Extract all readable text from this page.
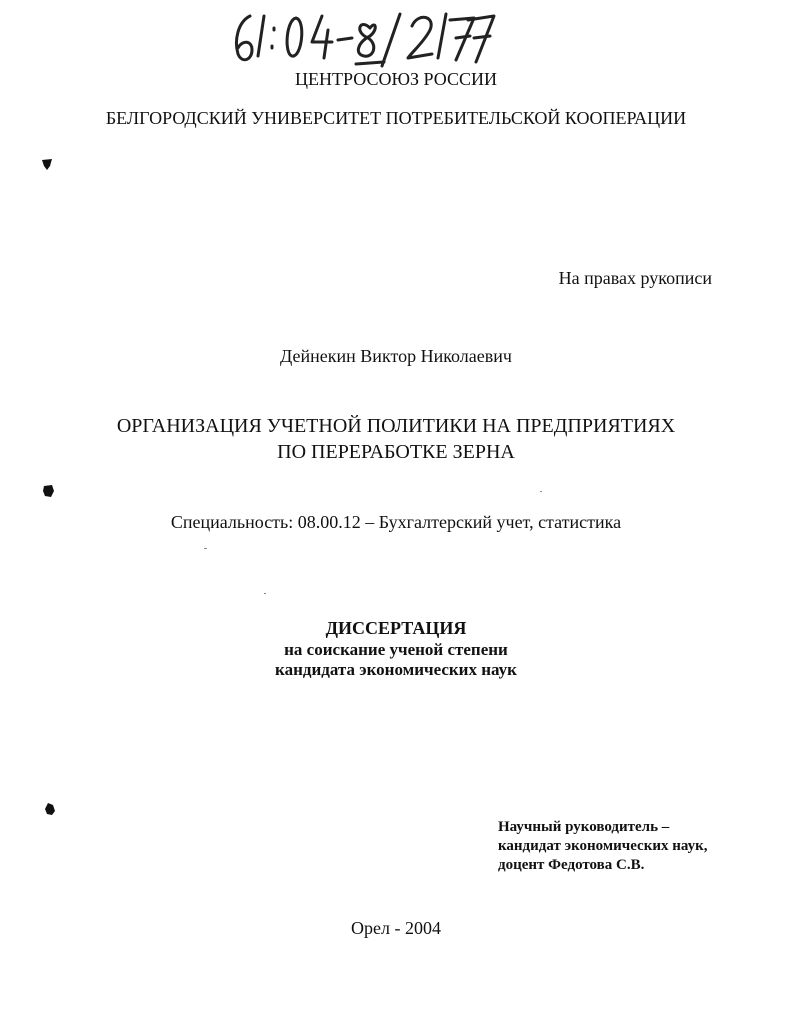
ЦЕНТРОСОЮЗ РОССИИ
БЕЛГОРОДСКИЙ УНИВЕРСИТЕТ ПОТРЕБИТЕЛЬСКОЙ КООПЕРАЦИИ
На правах рукописи
Дейнекин Виктор Николаевич
ОРГАНИЗАЦИЯ УЧЕТНОЙ ПОЛИТИКИ НА ПРЕДПРИЯТИЯХ
ПО ПЕРЕРАБОТКЕ ЗЕРНА
Специальность: 08.00.12 – Бухгалтерский учет, статистика
ДИССЕРТАЦИЯ
на соискание ученой степени
кандидата экономических наук
Научный руководитель –
кандидат экономических наук,
доцент Федотова С.В.
Орел - 2004
